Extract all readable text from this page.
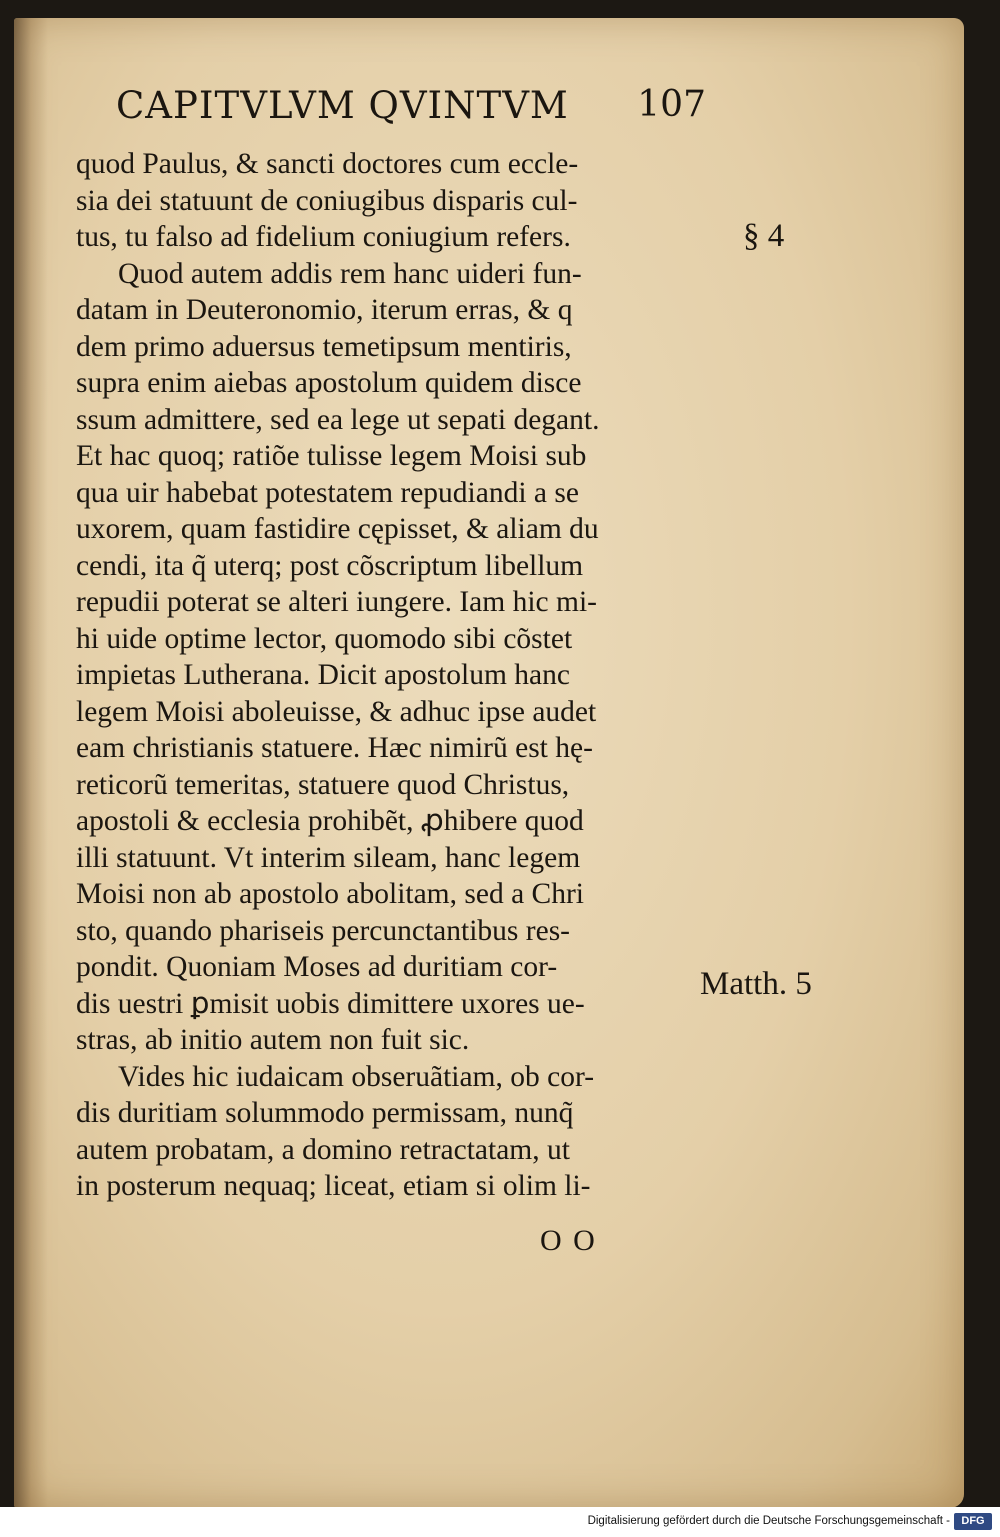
CAPITVLVM QVINTVM 107
quod Paulus, & sancti doctores cum eccle-
sia dei statuunt de coniugibus disparis cul-
tus, tu falso ad fidelium coniugium refers.
Quod autem addis rem hanc uideri fun-
datam in Deuteronomio, iterum erras, & q
dem primo aduersus temetipsum mentiris,
supra enim aiebas apostolum quidem disce
ssum admittere, sed ea lege ut sepati degant.
Et hac quoq; ratiõe tulisse legem Moisi sub
qua uir habebat potestatem repudiandi a se
uxorem, quam fastidire cępisset, & aliam du
cendi, ita q̃ uterq; post cõscriptum libellum
repudii poterat se alteri iungere. Iam hic mi-
hi uide optime lector, quomodo sibi cõstet
impietas Lutherana. Dicit apostolum hanc
legem Moisi aboleuisse, & adhuc ipse audet
eam christianis statuere. Hæc nimirũ est hę-
reticorũ temeritas, statuere quod Christus,
apostoli & ecclesia prohibẽt, ꝓhibere quod
illi statuunt. Vt interim sileam, hanc legem
Moisi non ab apostolo abolitam, sed a Chri
sto, quando phariseis percunctantibus res-
pondit. Quoniam Moses ad duritiam cor-
dis uestri ꝑmisit uobis dimittere uxores ue-
stras, ab initio autem non fuit sic.
Vides hic iudaicam obseruãtiam, ob cor-
dis duritiam solummodo permissam, nunq̃
autem probatam, a domino retractatam, ut
in posterum nequaq; liceat, etiam si olim li-
§ 4
Matth. 5
O O
Digitalisierung gefördert durch die Deutsche Forschungsgemeinschaft -	DFG
